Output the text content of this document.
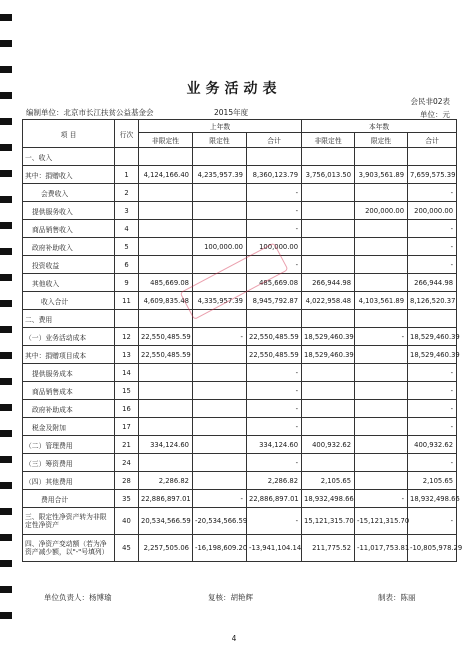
业务活动表
会民非02表
编制单位：北京市长江扶贫公益基金会	2015年度	单位：元
项 目	行次	上年数			本年数		
		非限定性	限定性	合计	非限定性	限定性	合计
一、收入							
其中：捐赠收入	1	4,124,166.40	4,235,957.39	8,360,123.79	3,756,013.50	3,903,561.89	7,659,575.39
会费收入	2			-			-
提供服务收入	3			-		200,000.00	200,000.00
商品销售收入	4			-			-
政府补助收入	5		100,000.00	100,000.00			-
投资收益	6			-			-
其他收入	9	485,669.08		485,669.08	266,944.98		266,944.98
收入合计	11	4,609,835.48	4,335,957.39	8,945,792.87	4,022,958.48	4,103,561.89	8,126,520.37
二、费用							
（一）业务活动成本	12	22,550,485.59	-	22,550,485.59	18,529,460.39	-	18,529,460.39
其中：捐赠项目成本	13	22,550,485.59		22,550,485.59	18,529,460.39		18,529,460.39
提供服务成本	14			-			-
商品销售成本	15			-			-
政府补助成本	16			-			-
税金及附加	17			-			-
（二）管理费用	21	334,124.60		334,124.60	400,932.62		400,932.62
（三）筹资费用	24			-			-
（四）其他费用	28	2,286.82		2,286.82	2,105.65		2,105.65
费用合计	35	22,886,897.01	-	22,886,897.01	18,932,498.66	-	18,932,498.66
三、限定性净资产转为非限定性净资产	40	20,534,566.59	-20,534,566.59	-	15,121,315.70	-15,121,315.70	-
四、净资产变动额（若为净资产减少额，以"-"号填列）	45	2,257,505.06	-16,198,609.20	-13,941,104.14	211,775.52	-11,017,753.81	-10,805,978.29
单位负责人：杨博瑜	复核：胡艳辉	制表：陈丽
4
